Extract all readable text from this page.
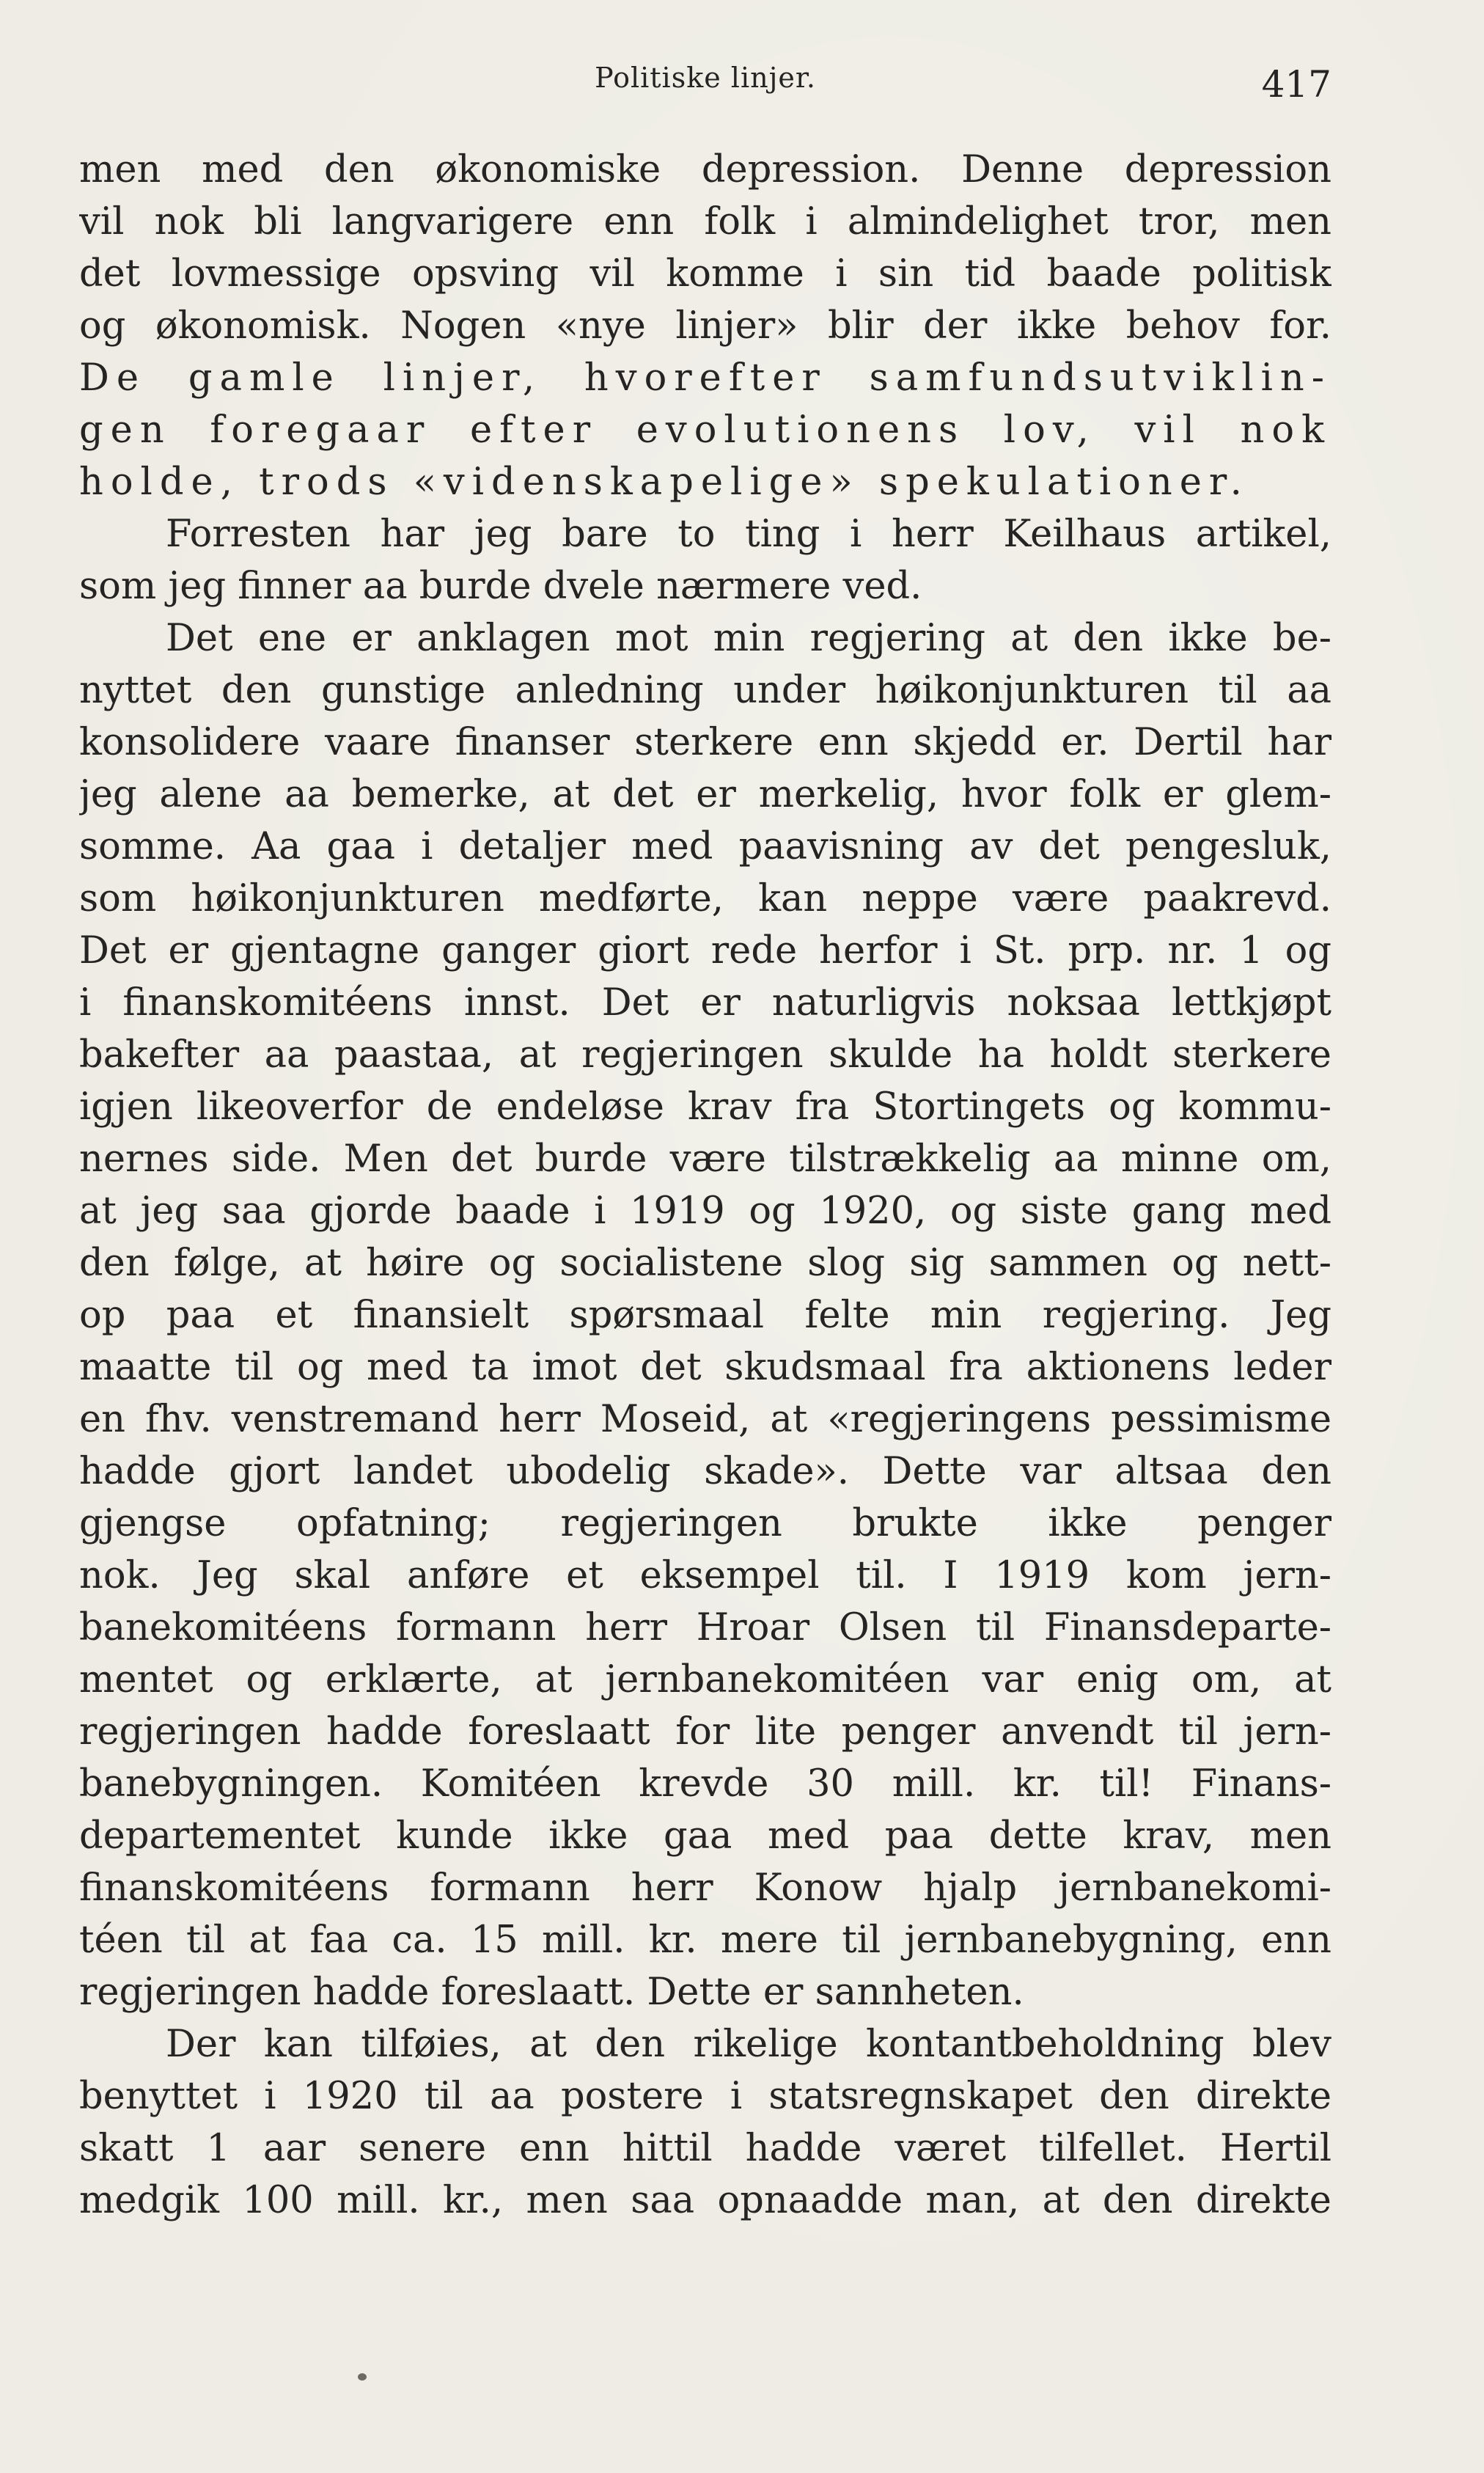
Politiske linjer.	417
men med den økonomiske depression. Denne depression
vil nok bli langvarigere enn folk i almindelighet tror, men
det lovmessige opsving vil komme i sin tid baade politisk
og økonomisk. Nogen «nye linjer» blir der ikke behov for.
De gamle linjer, hvorefter samfundsutviklin-
gen foregaar efter evolutionens lov, vil nok
holde, trods «videnskapelige» spekulationer.
Forresten har jeg bare to ting i herr Keilhaus artikel,
som jeg finner aa burde dvele nærmere ved.
Det ene er anklagen mot min regjering at den ikke be-
nyttet den gunstige anledning under høikonjunkturen til aa
konsolidere vaare finanser sterkere enn skjedd er. Dertil har
jeg alene aa bemerke, at det er merkelig, hvor folk er glem-
somme. Aa gaa i detaljer med paavisning av det pengesluk,
som høikonjunkturen medførte, kan neppe være paakrevd.
Det er gjentagne ganger giort rede herfor i St. prp. nr. 1 og
i finanskomitéens innst. Det er naturligvis noksaa lettkjøpt
bakefter aa paastaa, at regjeringen skulde ha holdt sterkere
igjen likeoverfor de endeløse krav fra Stortingets og kommu-
nernes side. Men det burde være tilstrækkelig aa minne om,
at jeg saa gjorde baade i 1919 og 1920, og siste gang med
den følge, at høire og socialistene slog sig sammen og nett-
op paa et finansielt spørsmaal felte min regjering. Jeg
maatte til og med ta imot det skudsmaal fra aktionens leder
en fhv. venstremand herr Moseid, at «regjeringens pessimisme
hadde gjort landet ubodelig skade». Dette var altsaa den
gjengse opfatning; regjeringen brukte ikke penger
nok. Jeg skal anføre et eksempel til. I 1919 kom jern-
banekomitéens formann herr Hroar Olsen til Finansdeparte-
mentet og erklærte, at jernbanekomitéen var enig om, at
regjeringen hadde foreslaatt for lite penger anvendt til jern-
banebygningen. Komitéen krevde 30 mill. kr. til! Finans-
departementet kunde ikke gaa med paa dette krav, men
finanskomitéens formann herr Konow hjalp jernbanekomi-
téen til at faa ca. 15 mill. kr. mere til jernbanebygning, enn
regjeringen hadde foreslaatt. Dette er sannheten.
Der kan tilføies, at den rikelige kontantbeholdning blev
benyttet i 1920 til aa postere i statsregnskapet den direkte
skatt 1 aar senere enn hittil hadde været tilfellet. Hertil
medgik 100 mill. kr., men saa opnaadde man, at den direkte
